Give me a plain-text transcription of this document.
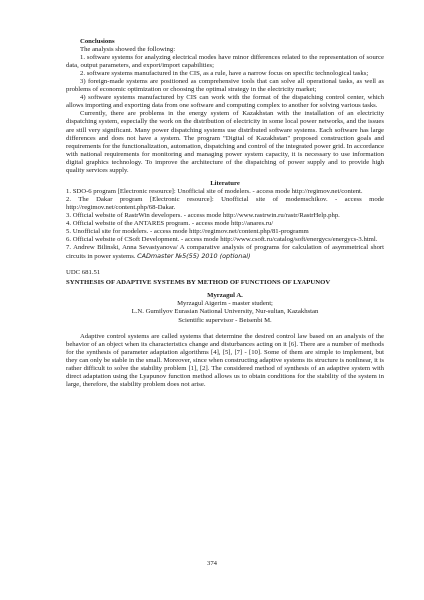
Conclusions

The analysis showed the following:

1. software systems for analyzing electrical modes have minor differences related to the representation of source data, output parameters, and export/import capabilities;

2. software systems manufactured in the CIS, as a rule, have a narrow focus on specific technological tasks;

3) foreign-made systems are positioned as comprehensive tools that can solve all operational tasks, as well as problems of economic optimization or choosing the optimal strategy in the electricity market;

4) software systems manufactured by CIS can work with the format of the dispatching control center, which allows importing and exporting data from one software and computing complex to another for solving various tasks.

Currently, there are problems in the energy system of Kazakhstan with the installation of an electricity dispatching system, especially the work on the distribution of electricity in some local power networks, and the issues are still very significant. Many power dispatching systems use distributed software systems. Each software has large differences and does not have a system. The program "Digital of Kazakhstan" proposed construction goals and requirements for the functionalization, automation, dispatching and control of the integrated power grid. In accordance with national requirements for monitoring and managing power system capacity, it is necessary to use information digital graphics technology. To improve the architecture of the dispatching of power supply and to provide high quality services supply.

Literature

1. SDO-6 program [Electronic resource]: Unofficial site of modelers. - access mode http://regimov.net/content.

2. The Dakar program [Electronic resource]: Unofficial site of modemschikov. - access mode http://regimov.net/content.php/68-Dakar.

3. Official website of RastrWin developers. - access mode http://www.rastrwin.ru/rastr/RastrHelp.php.

4. Official website of the ANTARES program. - access mode http://anares.ru/

5. Unofficial site for modelers. - access mode http://regimov.net/content.php/81-programm

6. Official website of CSoft Development. - access mode http://www.csoft.ru/catalog/soft/energycs/energycs-3.html.

7. Andrew Bilinski, Anna Sevastyanova/ A comparative analysis of programs for calculation of asymmetrical short circuits in power systems. CADmaster №5(55) 2010 (optional)

UDC 681.51

SYNTHESIS OF ADAPTIVE SYSTEMS BY METHOD OF FUNCTIONS OF LYAPUNOV

Myrzagul A.

Myrzagul Aigerim - master student;

L.N. Gumilyov Eurasian National University, Nur-sultan, Kazakhstan

Scientific supervisor - Beisenbi M.

Adaptive control systems are called systems that determine the desired control law based on an analysis of the behavior of an object when its characteristics change and disturbances acting on it [6]. There are a number of methods for the synthesis of parameter adaptation algorithms [4], [5], [7] - [10]. Some of them are simple to implement, but they can only be stable in the small. Moreover, since when constructing adaptive systems its structure is nonlinear, it is rather difficult to solve the stability problem [1], [2]. The considered method of synthesis of an adaptive system with direct adaptation using the Lyapunov function method allows us to obtain conditions for the stability of the system in large, therefore, the stability problem does not arise.

374
